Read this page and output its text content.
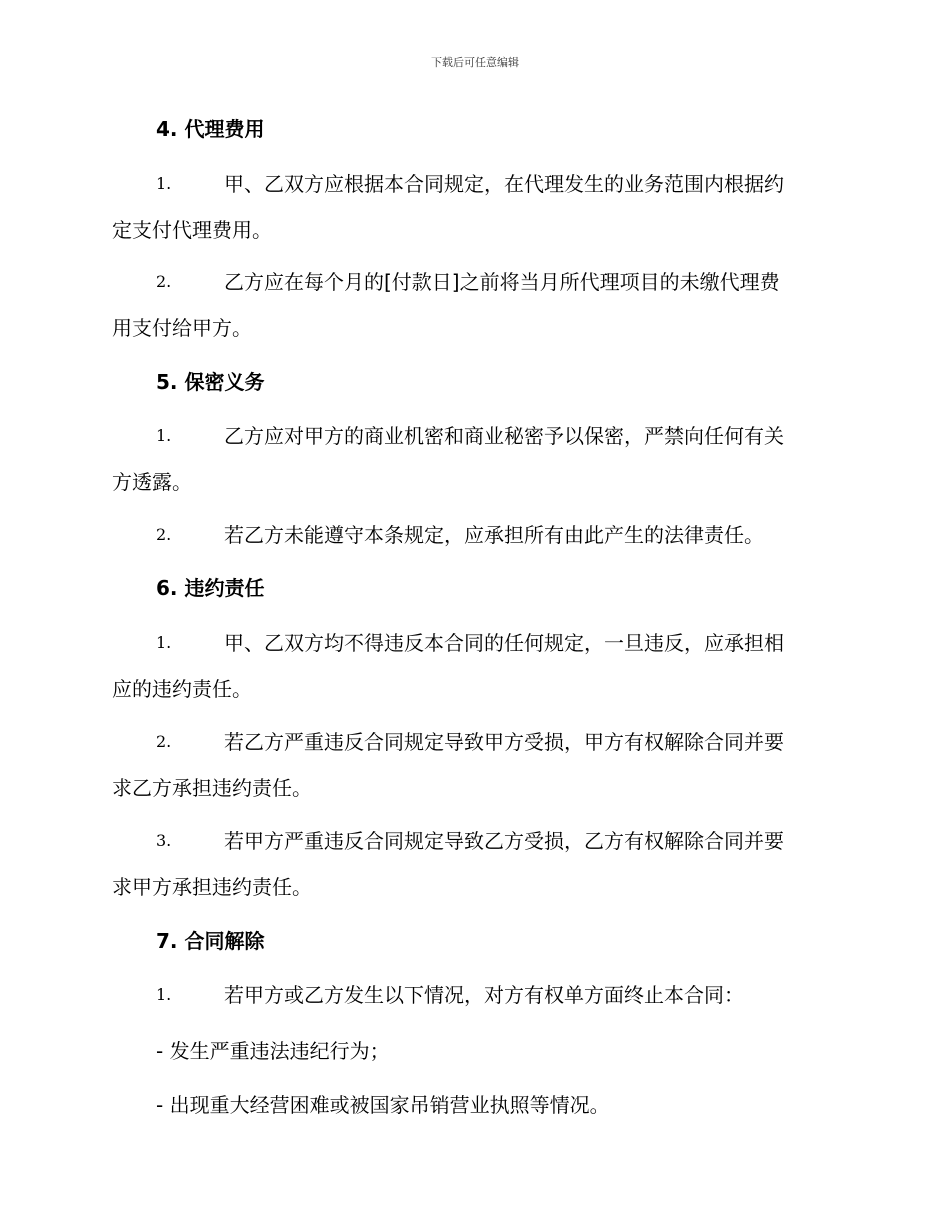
下载后可任意编辑
4. 代理费用
1.	甲、乙双方应根据本合同规定，在代理发生的业务范围内根据约
定支付代理费用。
2.	乙方应在每个月的[付款日]之前将当月所代理项目的未缴代理费
用支付给甲方。
5. 保密义务
1.	乙方应对甲方的商业机密和商业秘密予以保密，严禁向任何有关
方透露。
2.	若乙方未能遵守本条规定，应承担所有由此产生的法律责任。
6. 违约责任
1.	甲、乙双方均不得违反本合同的任何规定，一旦违反，应承担相
应的违约责任。
2.	若乙方严重违反合同规定导致甲方受损，甲方有权解除合同并要
求乙方承担违约责任。
3.	若甲方严重违反合同规定导致乙方受损，乙方有权解除合同并要
求甲方承担违约责任。
7. 合同解除
1.	若甲方或乙方发生以下情况，对方有权单方面终止本合同：
- 发生严重违法违纪行为；
- 出现重大经营困难或被国家吊销营业执照等情况。
